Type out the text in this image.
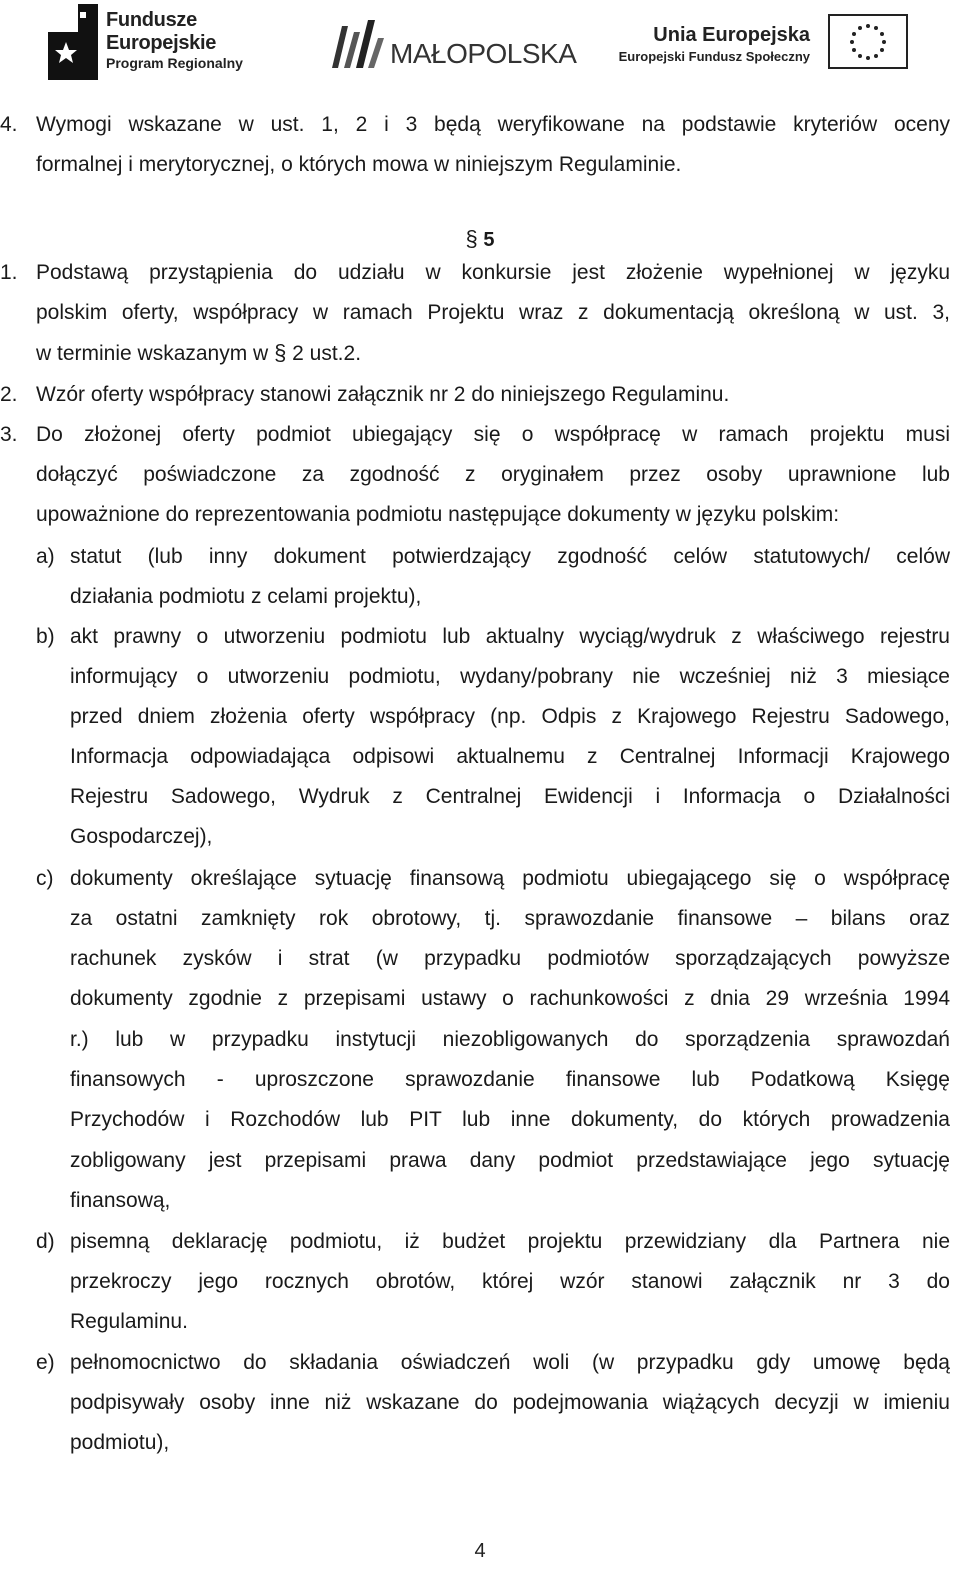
Fundusze
Europejskie
Program Regionalny	MAŁOPOLSKA
Unia Europejska
Europejski Fundusz Społeczny
4. Wymogi wskazane w ust. 1, 2 i 3 będą weryfikowane na podstawie kryteriów oceny
formalnej i merytorycznej, o których mowa w niniejszym Regulaminie.
§ 5
1. Podstawą przystąpienia do udziału w konkursie jest złożenie wypełnionej w języku
polskim oferty, współpracy w ramach Projektu wraz z dokumentacją określoną w ust. 3,
w terminie wskazanym w § 2 ust.2.
2. Wzór oferty współpracy stanowi załącznik nr 2 do niniejszego Regulaminu.
3. Do złożonej oferty podmiot ubiegający się o współpracę w ramach projektu musi
dołączyć poświadczone za zgodność z oryginałem przez osoby uprawnione lub
upoważnione do reprezentowania podmiotu następujące dokumenty w języku polskim:
a) statut (lub inny dokument potwierdzający zgodność celów statutowych/ celów
działania podmiotu z celami projektu),
b) akt prawny o utworzeniu podmiotu lub aktualny wyciąg/wydruk z właściwego rejestru
informujący o utworzeniu podmiotu, wydany/pobrany nie wcześniej niż 3 miesiące
przed dniem złożenia oferty współpracy (np. Odpis z Krajowego Rejestru Sadowego,
Informacja odpowiadająca odpisowi aktualnemu z Centralnej Informacji Krajowego
Rejestru Sadowego, Wydruk z Centralnej Ewidencji i Informacja o Działalności
Gospodarczej),
c) dokumenty określające sytuację finansową podmiotu ubiegającego się o współpracę
za ostatni zamknięty rok obrotowy, tj. sprawozdanie finansowe – bilans oraz
rachunek zysków i strat (w przypadku podmiotów sporządzających powyższe
dokumenty zgodnie z przepisami ustawy o rachunkowości z dnia 29 września 1994
r.) lub w przypadku instytucji niezobligowanych do sporządzenia sprawozdań
finansowych - uproszczone sprawozdanie finansowe lub Podatkową Księgę
Przychodów i Rozchodów lub PIT lub inne dokumenty, do których prowadzenia
zobligowany jest przepisami prawa dany podmiot przedstawiające jego sytuację
finansową,
d) pisemną deklarację podmiotu, iż budżet projektu przewidziany dla Partnera nie
przekroczy jego rocznych obrotów, której wzór stanowi załącznik nr 3 do
Regulaminu.
e) pełnomocnictwo do składania oświadczeń woli (w przypadku gdy umowę będą
podpisywały osoby inne niż wskazane do podejmowania wiążących decyzji w imieniu
podmiotu),
4
